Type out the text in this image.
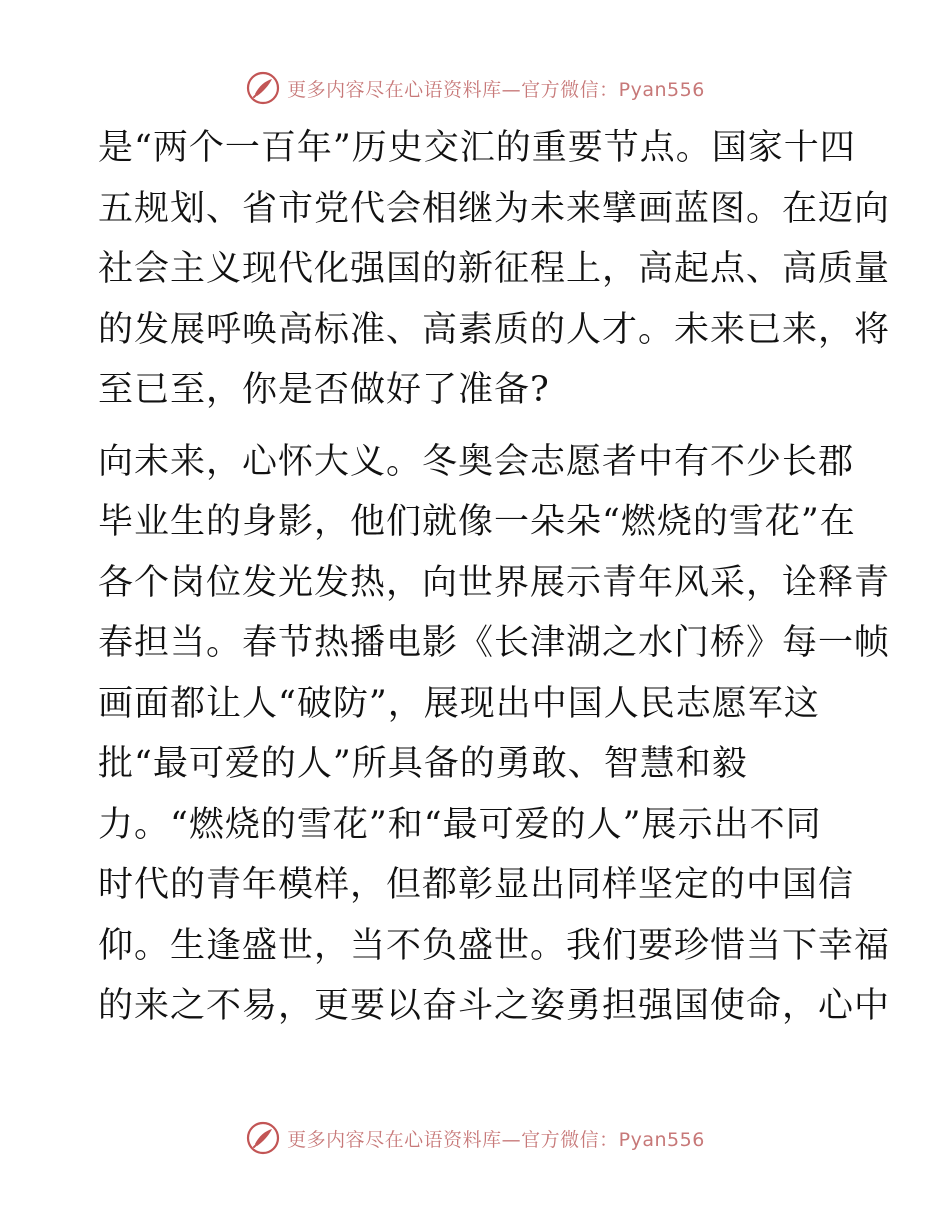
更多内容尽在心语资料库—官方微信：Pyan556

是“两个一百年”历史交汇的重要节点。国家十四
五规划、省市党代会相继为未来擘画蓝图。在迈向
社会主义现代化强国的新征程上，高起点、高质量
的发展呼唤高标准、高素质的人才。未来已来，将
至已至，你是否做好了准备?

向未来，心怀大义。冬奥会志愿者中有不少长郡
毕业生的身影，他们就像一朵朵“燃烧的雪花”在
各个岗位发光发热，向世界展示青年风采，诠释青
春担当。春节热播电影《长津湖之水门桥》每一帧
画面都让人“破防”，展现出中国人民志愿军这
批“最可爱的人”所具备的勇敢、智慧和毅
力。“燃烧的雪花”和“最可爱的人”展示出不同
时代的青年模样，但都彰显出同样坚定的中国信
仰。生逢盛世，当不负盛世。我们要珍惜当下幸福
的来之不易，更要以奋斗之姿勇担强国使命，心中

更多内容尽在心语资料库—官方微信：Pyan556
